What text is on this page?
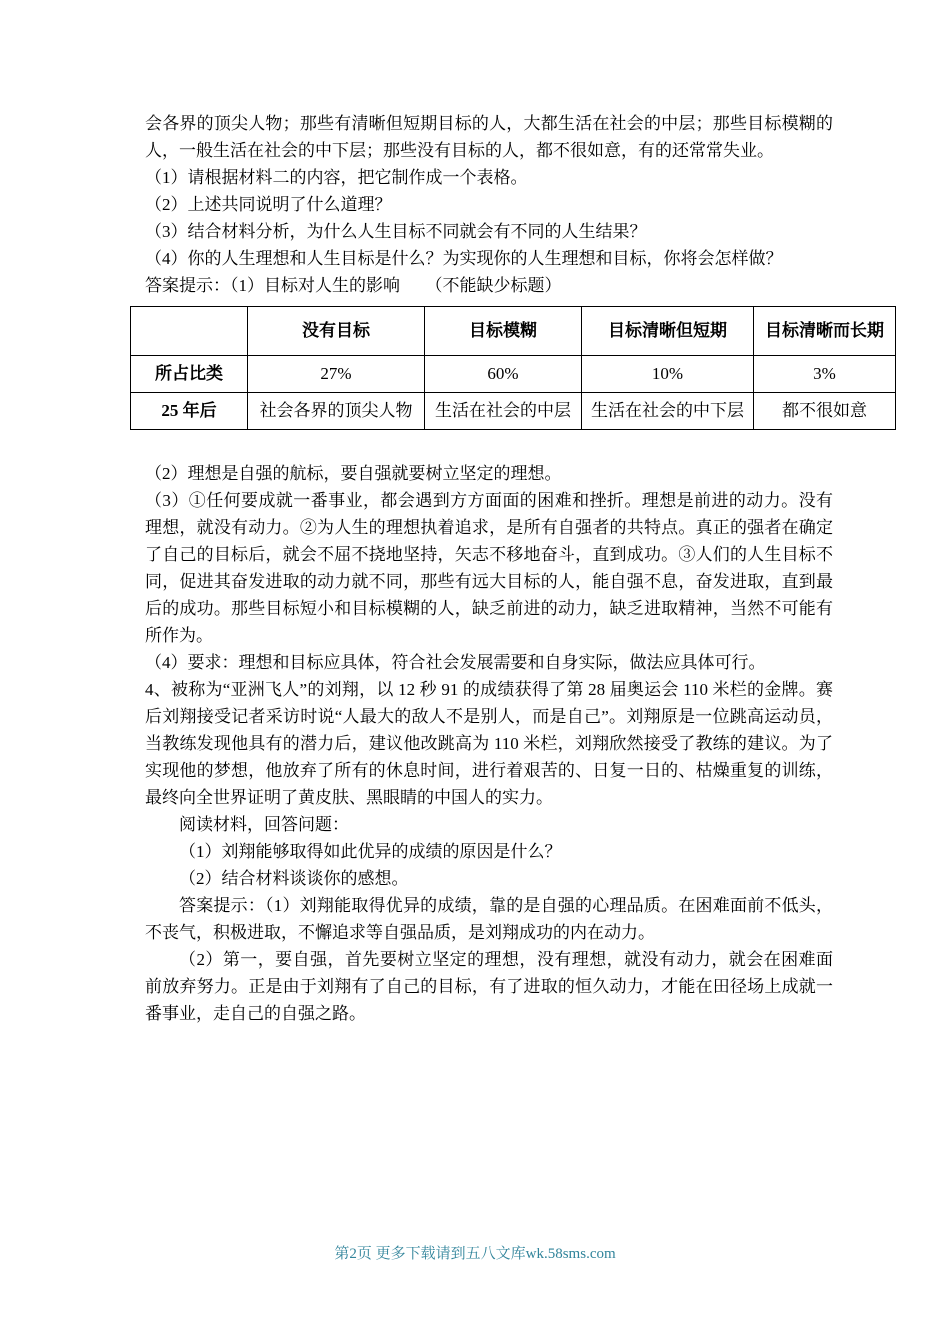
会各界的顶尖人物；那些有清晰但短期目标的人，大都生活在社会的中层；那些目标模糊的人，一般生活在社会的中下层；那些没有目标的人，都不很如意，有的还常常失业。

（1）请根据材料二的内容，把它制作成一个表格。

（2）上述共同说明了什么道理？

（3）结合材料分析，为什么人生目标不同就会有不同的人生结果？

（4）你的人生理想和人生目标是什么？为实现你的人生理想和目标，你将会怎样做？

答案提示：（1）目标对人生的影响　　（不能缺少标题）

	没有目标	目标模糊	目标清晰但短期	目标清晰而长期
所占比类	27%	60%	10%	3%
25 年后	社会各界的顶尖人物	生活在社会的中层	生活在社会的中下层	都不很如意

（2）理想是自强的航标，要自强就要树立坚定的理想。

（3）①任何要成就一番事业，都会遇到方方面面的困难和挫折。理想是前进的动力。没有理想，就没有动力。②为人生的理想执着追求，是所有自强者的共特点。真正的强者在确定了自己的目标后，就会不屈不挠地坚持，矢志不移地奋斗，直到成功。③人们的人生目标不同，促进其奋发进取的动力就不同，那些有远大目标的人，能自强不息，奋发进取，直到最后的成功。那些目标短小和目标模糊的人，缺乏前进的动力，缺乏进取精神，当然不可能有所作为。

（4）要求：理想和目标应具体，符合社会发展需要和自身实际，做法应具体可行。

4、被称为“亚洲飞人”的刘翔，以 12 秒 91 的成绩获得了第 28 届奥运会 110 米栏的金牌。赛后刘翔接受记者采访时说“人最大的敌人不是别人，而是自己”。刘翔原是一位跳高运动员，当教练发现他具有的潜力后，建议他改跳高为 110 米栏，刘翔欣然接受了教练的建议。为了实现他的梦想，他放弃了所有的休息时间，进行着艰苦的、日复一日的、枯燥重复的训练，最终向全世界证明了黄皮肤、黑眼睛的中国人的实力。

阅读材料，回答问题：

（1）刘翔能够取得如此优异的成绩的原因是什么？

（2）结合材料谈谈你的感想。

答案提示：（1）刘翔能取得优异的成绩，靠的是自强的心理品质。在困难面前不低头，不丧气，积极进取，不懈追求等自强品质，是刘翔成功的内在动力。

（2）第一，要自强，首先要树立坚定的理想，没有理想，就没有动力，就会在困难面前放弃努力。正是由于刘翔有了自己的目标，有了进取的恒久动力，才能在田径场上成就一番事业，走自己的自强之路。

第2页 更多下载请到五八文库wk.58sms.com
